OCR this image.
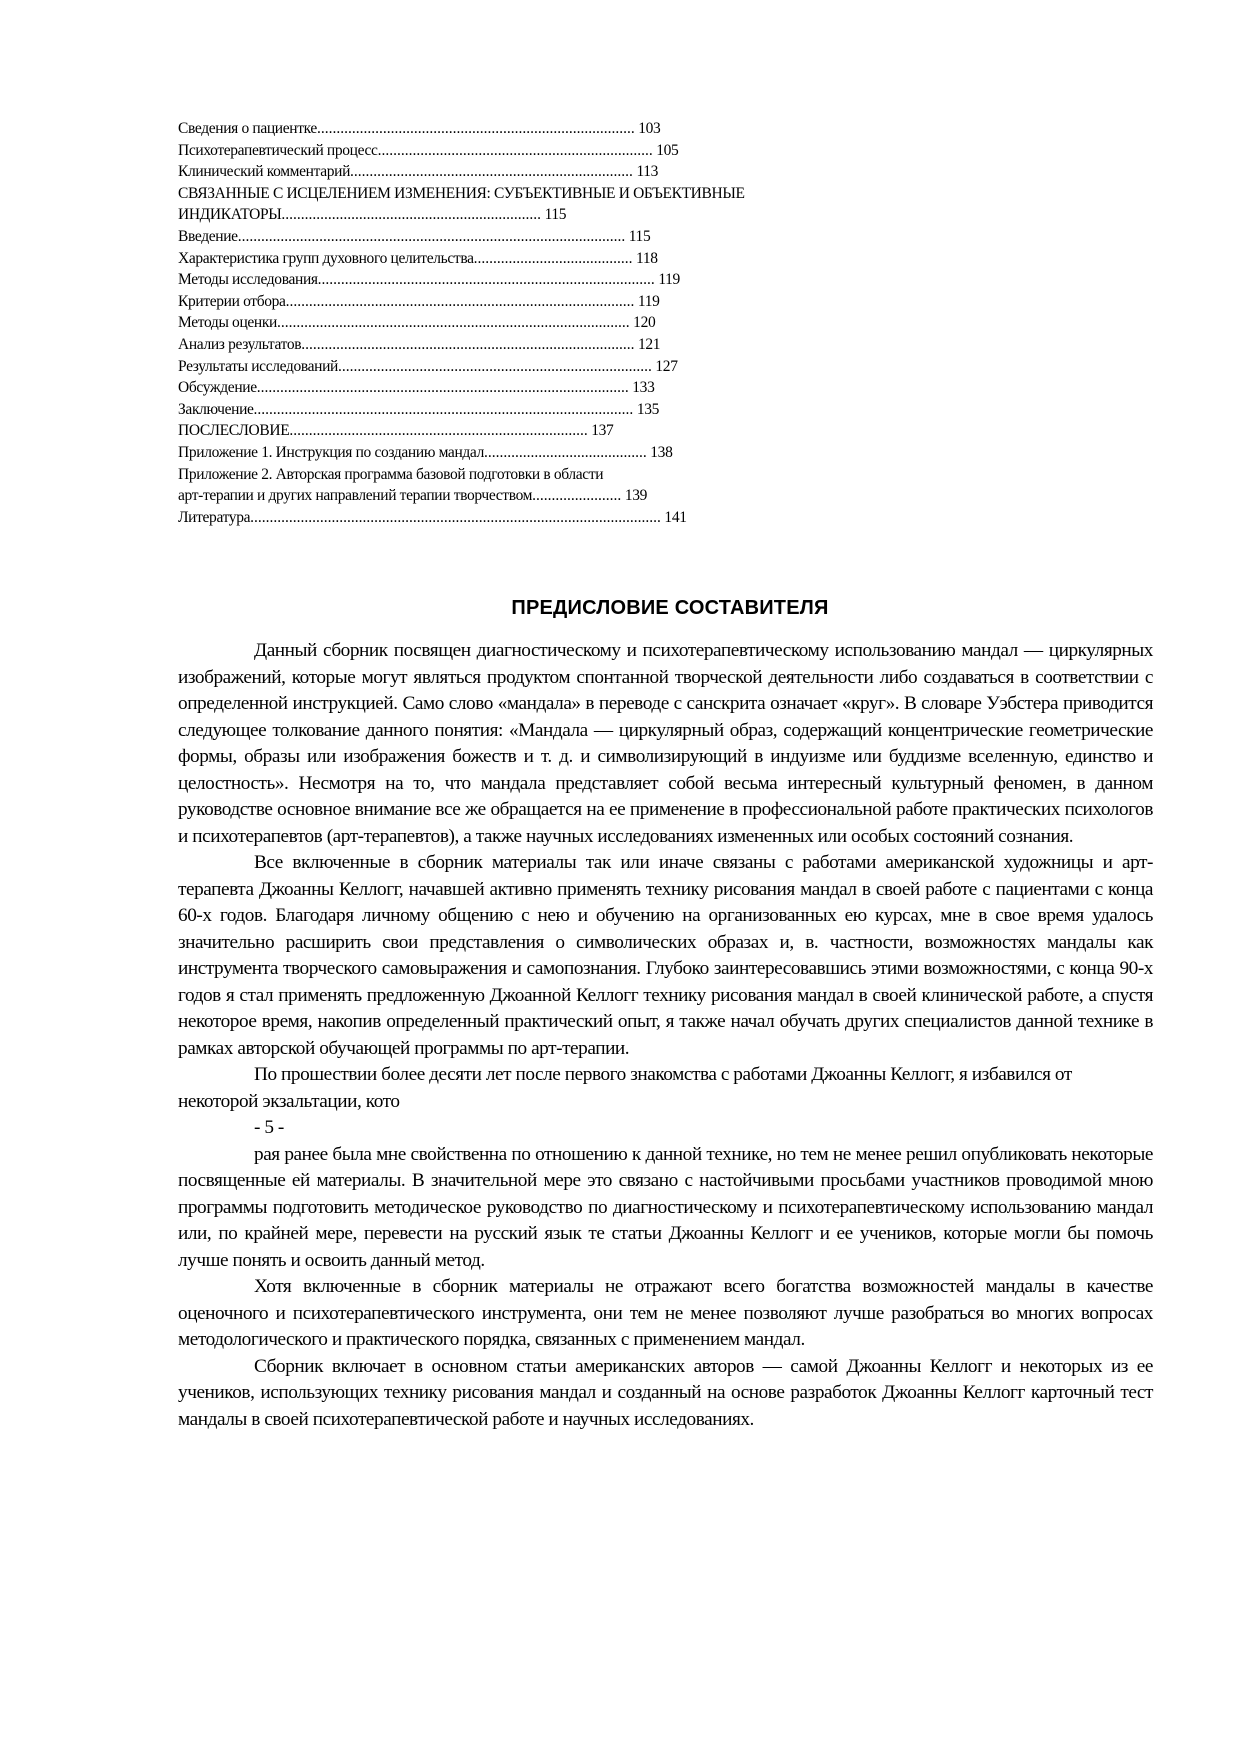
Сведения о пациентке.................................................................................. 103
Психотерапевтический процесс....................................................................... 105
Клинический комментарий......................................................................... 113
СВЯЗАННЫЕ С ИСЦЕЛЕНИЕМ ИЗМЕНЕНИЯ: СУБЪЕКТИВНЫЕ И ОБЪЕКТИВНЫЕ
ИНДИКАТОРЫ................................................................... 115
Введение.................................................................................................... 115
Характеристика групп духовного целительства......................................... 118
Методы исследования....................................................................................... 119
Критерии отбора.......................................................................................... 119
Методы оценки........................................................................................... 120
Анализ результатов...................................................................................... 121
Результаты исследований................................................................................. 127
Обсуждение................................................................................................ 133
Заключение.................................................................................................. 135
ПОСЛЕСЛОВИЕ............................................................................. 137
Приложение 1. Инструкция по созданию мандал.......................................... 138
Приложение 2. Авторская программа базовой подготовки в области
арт-терапии и других направлений терапии творчеством....................... 139
Литература.......................................................................................................... 141
ПРЕДИСЛОВИЕ СОСТАВИТЕЛЯ

Данный сборник посвящен диагностическому и психотерапевтическому использованию мандал — циркулярных изображений, которые могут являться продуктом спонтанной творческой деятельности либо создаваться в соответствии с определенной инструкцией. Само слово «мандала» в переводе с санскрита означает «круг». В словаре Уэбстера приводится следующее толкование данного понятия: «Мандала — циркулярный образ, содержащий концентрические геометрические формы, образы или изображения божеств и т. д. и символизирующий в индуизме или буддизме вселенную, единство и целостность». Несмотря на то, что мандала представляет собой весьма интересный культурный феномен, в данном руководстве основное внимание все же обращается на ее применение в профессиональной работе практических психологов и психотерапевтов (арт-терапевтов), а также научных исследованиях измененных или особых состояний сознания.

Все включенные в сборник материалы так или иначе связаны с работами американской художницы и арт-терапевта Джоанны Келлогг, начавшей активно применять технику рисования мандал в своей работе с пациентами с конца 60-х годов. Благодаря личному общению с нею и обучению на организованных ею курсах, мне в свое время удалось значительно расширить свои представления о символических образах и, в. частности, возможностях мандалы как инструмента творческого самовыражения и самопознания. Глубоко заинтересовавшись этими возможностями, с конца 90-х годов я стал применять предложенную Джоанной Келлогг технику рисования мандал в своей клинической работе, а спустя некоторое время, накопив определенный практический опыт, я также начал обучать других специалистов данной технике в рамках авторской обучающей программы по арт-терапии.

По прошествии более десяти лет после первого знакомства с работами Джоанны Келлогг, я избавился от некоторой экзальтации, кото

- 5 -

рая ранее была мне свойственна по отношению к данной технике, но тем не менее решил опубликовать некоторые посвященные ей материалы. В значительной мере это связано с настойчивыми просьбами участников проводимой мною программы подготовить методическое руководство по диагностическому и психотерапевтическому использованию мандал или, по крайней мере, перевести на русский язык те статьи Джоанны Келлогг и ее учеников, которые могли бы помочь лучше понять и освоить данный метод.

Хотя включенные в сборник материалы не отражают всего богатства возможностей мандалы в качестве оценочного и психотерапевтического инструмента, они тем не менее позволяют лучше разобраться во многих вопросах методологического и практического порядка, связанных с применением мандал.

Сборник включает в основном статьи американских авторов — самой Джоанны Келлогг и некоторых из ее учеников, использующих технику рисования мандал и созданный на основе разработок Джоанны Келлогг карточный тест мандалы в своей психотерапевтической работе и научных исследованиях.
